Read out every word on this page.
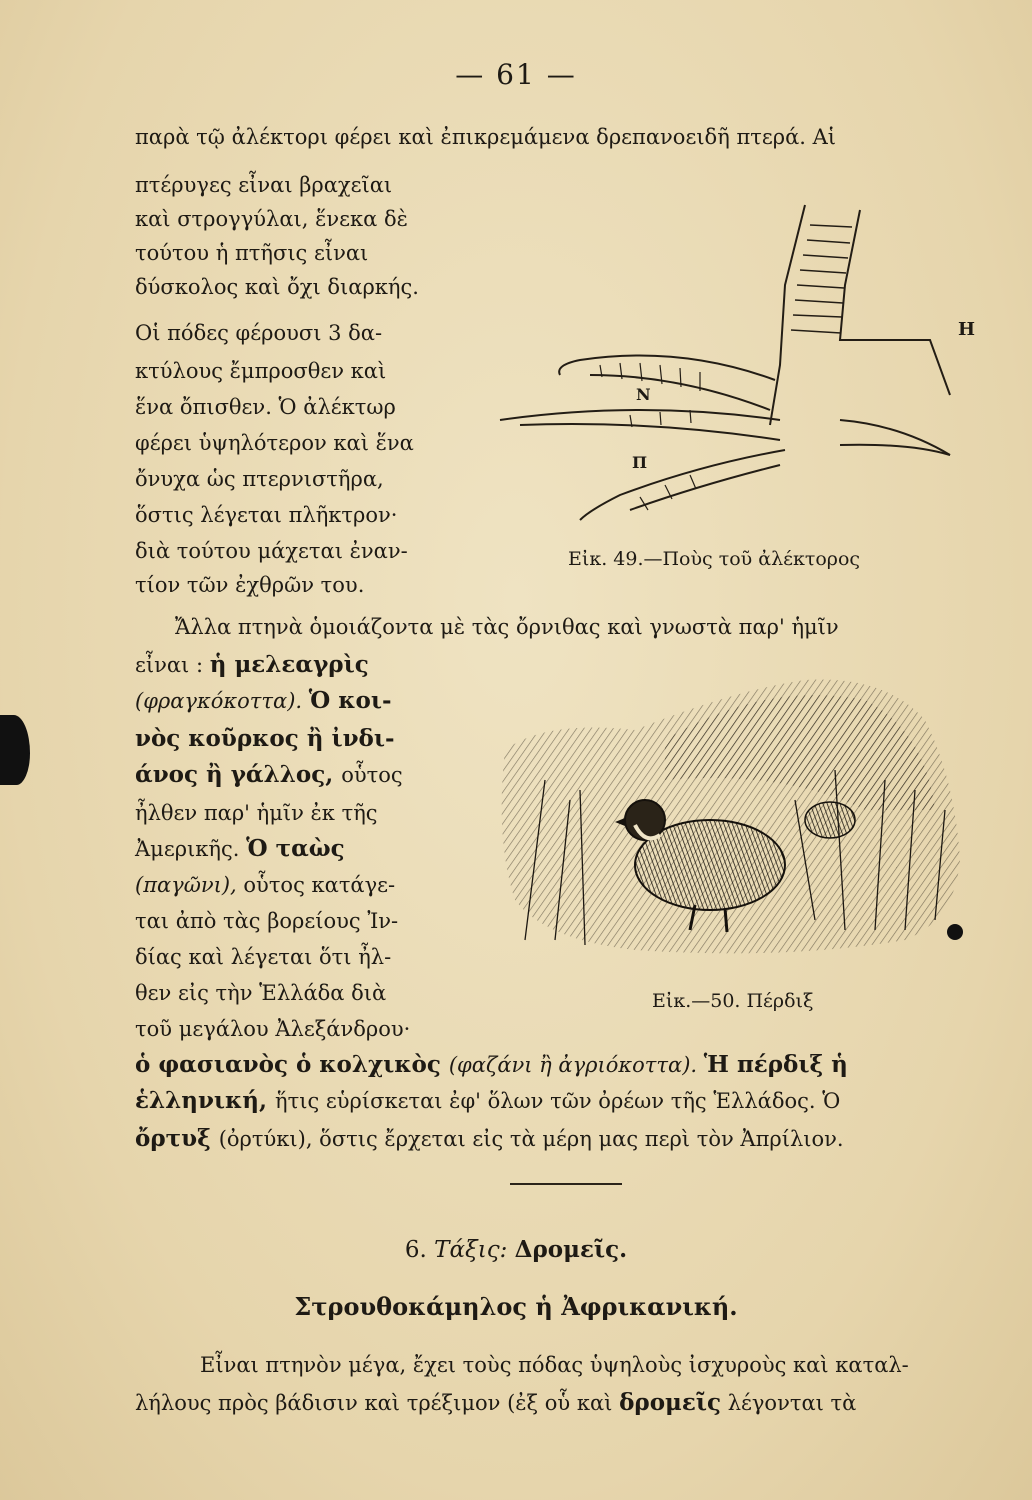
— 61 —
παρὰ τῷ ἀλέκτορι φέρει καὶ ἐπικρεμάμενα δρεπανοειδῆ πτερά. Αἱ
πτέρυγες εἶναι βραχεῖαι
καὶ στρογγύλαι, ἕνεκα δὲ
τούτου ἡ πτῆσις εἶναι
δύσκολος καὶ ὄχι διαρκής.
Οἱ πόδες φέρουσι 3 δα-
κτύλους ἔμπροσθεν καὶ
ἕνα ὄπισθεν. Ὁ ἀλέκτωρ
φέρει ὑψηλότερον καὶ ἕνα
ὄνυχα ὡς πτερνιστῆρα,
ὅστις λέγεται πλῆκτρον·
διὰ τούτου μάχεται ἐναν-
τίον τῶν ἐχθρῶν του.
Ν
Π
Η
Εἰκ. 49.—Ποὺς τοῦ ἀλέκτορος
Ἄλλα πτηνὰ ὁμοιάζοντα μὲ τὰς ὄρνιθας καὶ γνωστὰ παρ' ἡμῖν
εἶναι : ἡ μελεαγρὶς
(φραγκόκοττα). Ὁ κοι-
νὸς κοῦρκος ἢ ἰνδι-
άνος ἢ γάλλος, οὗτος
ἦλθεν παρ' ἡμῖν ἐκ τῆς
Ἀμερικῆς. Ὁ ταὼς
(παγῶνι), οὗτος κατάγε-
ται ἀπὸ τὰς βορείους Ἰν-
δίας καὶ λέγεται ὅτι ἦλ-
θεν εἰς τὴν Ἑλλάδα διὰ
τοῦ μεγάλου Ἀλεξάνδρου·
Εἰκ.—50. Πέρδιξ
ὁ φασιανὸς ὁ κολχικὸς (φαζάνι ἢ ἀγριόκοττα). Ἡ πέρδιξ ἡ
ἑλληνική, ἥτις εὑρίσκεται ἐφ' ὅλων τῶν ὀρέων τῆς Ἑλλάδος. Ὁ
ὄρτυξ (ὀρτύκι), ὅστις ἔρχεται εἰς τὰ μέρη μας περὶ τὸν Ἀπρίλιον.
6. Τάξις: Δρομεῖς.
Στρουθοκάμηλος ἡ Ἀφρικανική.
Εἶναι πτηνὸν μέγα, ἔχει τοὺς πόδας ὑψηλοὺς ἰσχυροὺς καὶ καταλ-
λήλους πρὸς βάδισιν καὶ τρέξιμον (ἐξ οὗ καὶ δρομεῖς λέγονται τὰ
